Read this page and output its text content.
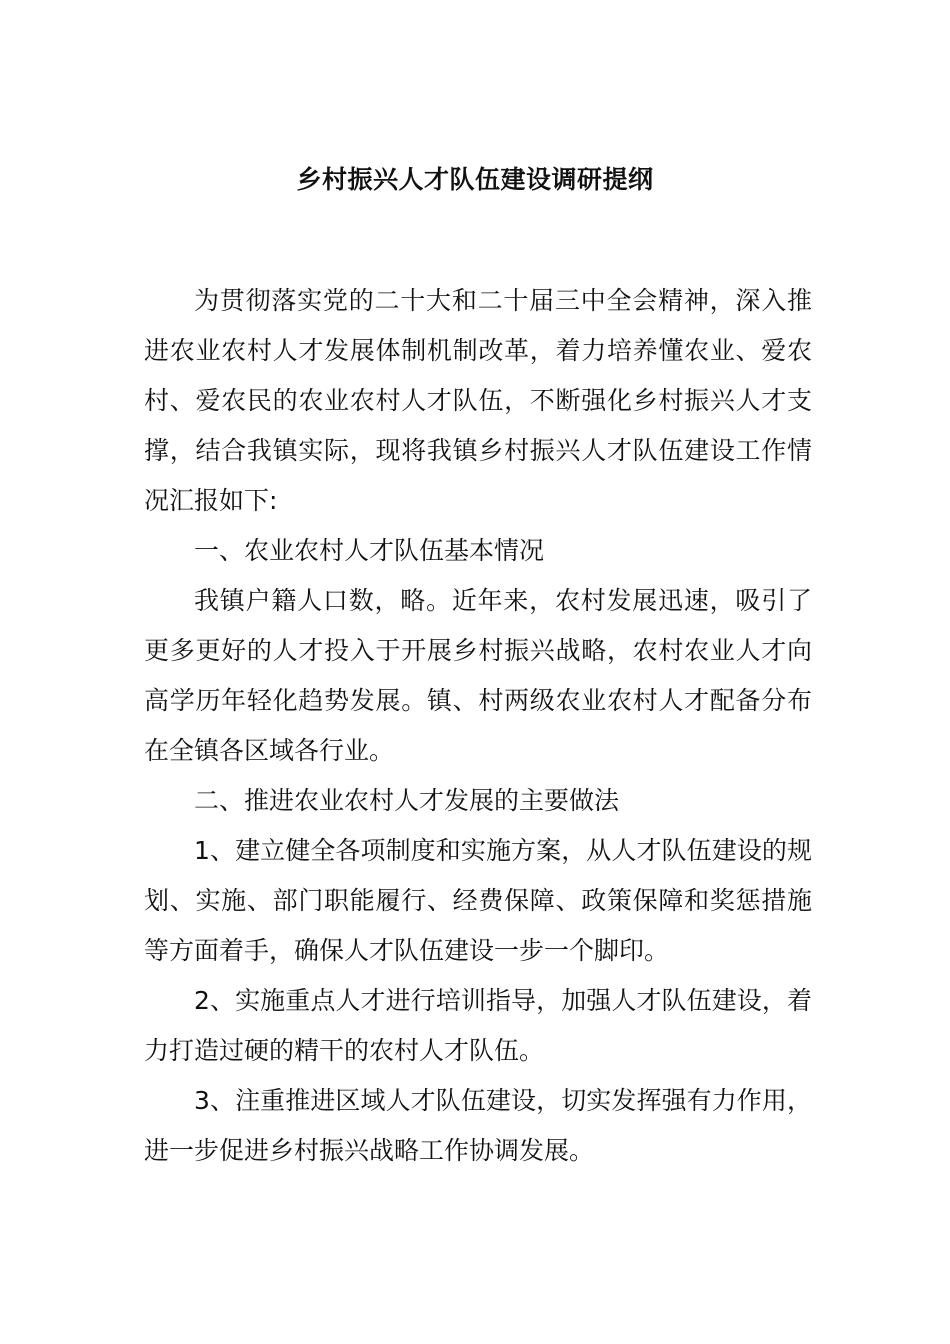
乡村振兴人才队伍建设调研提纲

为贯彻落实党的二十大和二十届三中全会精神，深入推进农业农村人才发展体制机制改革，着力培养懂农业、爱农村、爱农民的农业农村人才队伍，不断强化乡村振兴人才支撑，结合我镇实际，现将我镇乡村振兴人才队伍建设工作情况汇报如下:

一、农业农村人才队伍基本情况

我镇户籍人口数，略。近年来，农村发展迅速，吸引了更多更好的人才投入于开展乡村振兴战略，农村农业人才向高学历年轻化趋势发展。镇、村两级农业农村人才配备分布在全镇各区域各行业。

二、推进农业农村人才发展的主要做法

1、建立健全各项制度和实施方案，从人才队伍建设的规划、实施、部门职能履行、经费保障、政策保障和奖惩措施等方面着手，确保人才队伍建设一步一个脚印。

2、实施重点人才进行培训指导，加强人才队伍建设，着力打造过硬的精干的农村人才队伍。

3、注重推进区域人才队伍建设，切实发挥强有力作用，进一步促进乡村振兴战略工作协调发展。
